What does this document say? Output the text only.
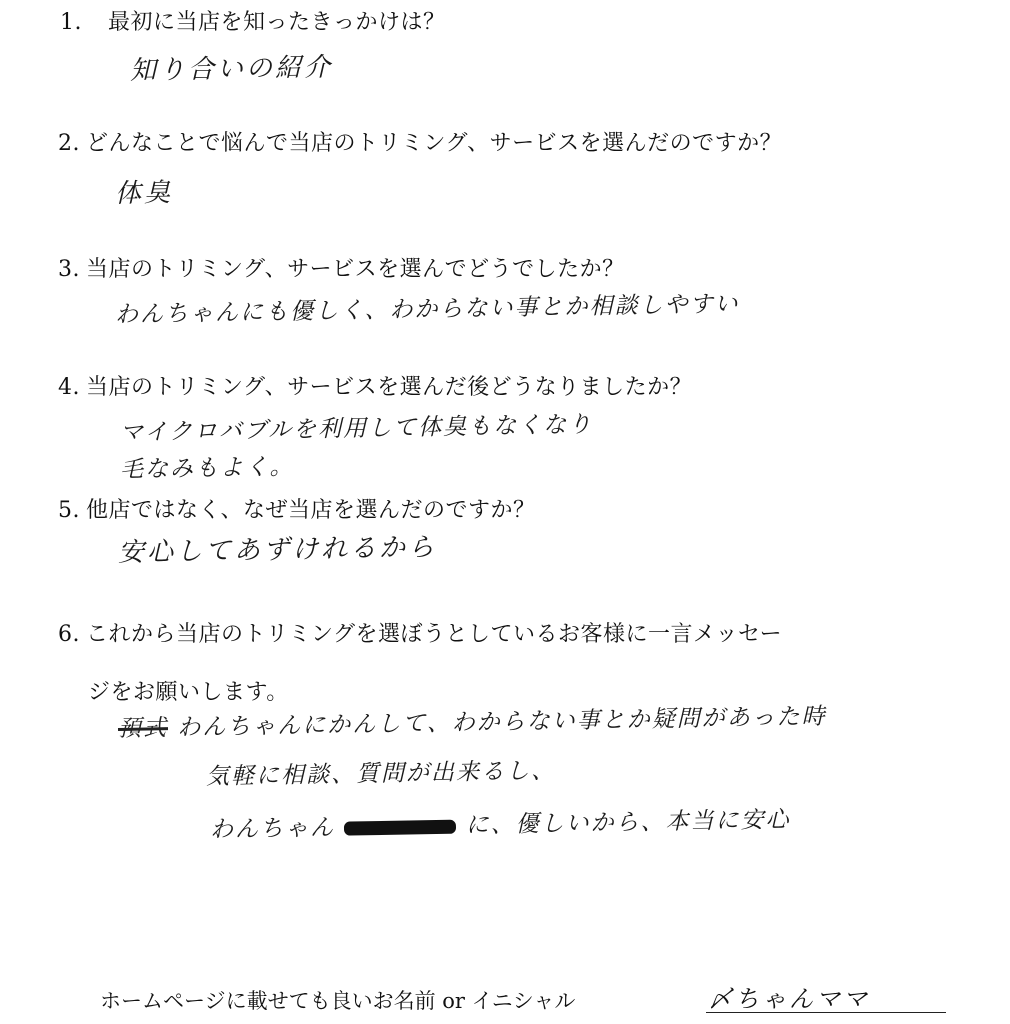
1. 最初に当店を知ったきっかけは？
知り合いの紹介
2. どんなことで悩んで当店のトリミング、サービスを選んだのですか？
体臭
3. 当店のトリミング、サービスを選んでどうでしたか？
わんちゃんにも優しく、わからない事とか相談しやすい
4. 当店のトリミング、サービスを選んだ後どうなりましたか？
マイクロバブルを利用して体臭もなくなり
毛なみもよく。
5. 他店ではなく、なぜ当店を選んだのですか？
安心してあずけれるから
6. これから当店のトリミングを選ぼうとしているお客様に一言メッセー
ジをお願いします。
預式 わんちゃんにかんして、わからない事とか疑問があった時
気軽に相談、質問が出来るし、
わんちゃん	に、優しいから、本当に安心
ホームページに載せても良いお名前 or イニシャル	〆ちゃんママ
